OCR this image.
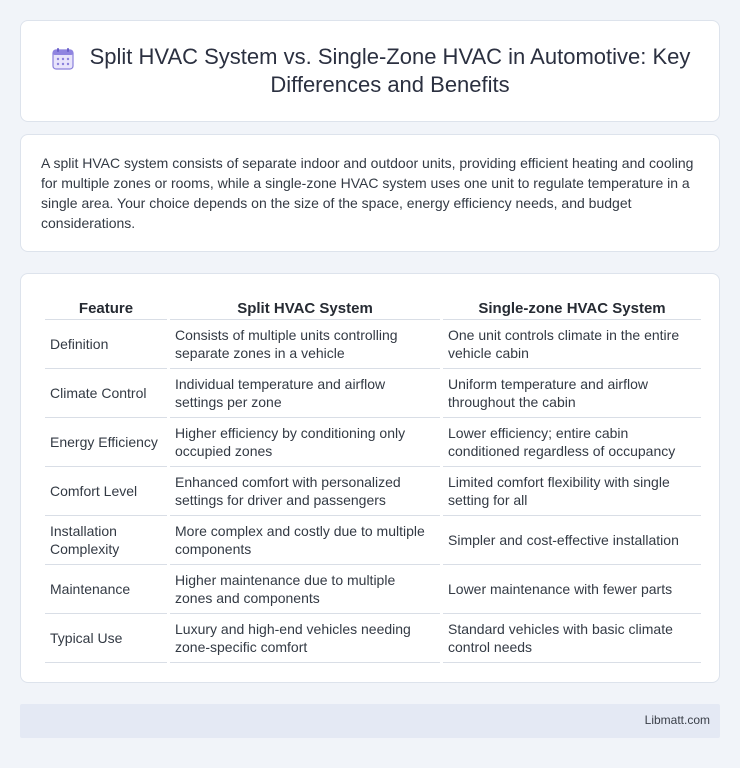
Split HVAC System vs. Single-Zone HVAC in Automotive: Key Differences and Benefits

A split HVAC system consists of separate indoor and outdoor units, providing efficient heating and cooling for multiple zones or rooms, while a single-zone HVAC system uses one unit to regulate temperature in a single area. Your choice depends on the size of the space, energy efficiency needs, and budget considerations.

Feature	Split HVAC System	Single-zone HVAC System
Definition	Consists of multiple units controlling separate zones in a vehicle	One unit controls climate in the entire vehicle cabin
Climate Control	Individual temperature and airflow settings per zone	Uniform temperature and airflow throughout the cabin
Energy Efficiency	Higher efficiency by conditioning only occupied zones	Lower efficiency; entire cabin conditioned regardless of occupancy
Comfort Level	Enhanced comfort with personalized settings for driver and passengers	Limited comfort flexibility with single setting for all
Installation Complexity	More complex and costly due to multiple components	Simpler and cost-effective installation
Maintenance	Higher maintenance due to multiple zones and components	Lower maintenance with fewer parts
Typical Use	Luxury and high-end vehicles needing zone-specific comfort	Standard vehicles with basic climate control needs
Libmatt.com
